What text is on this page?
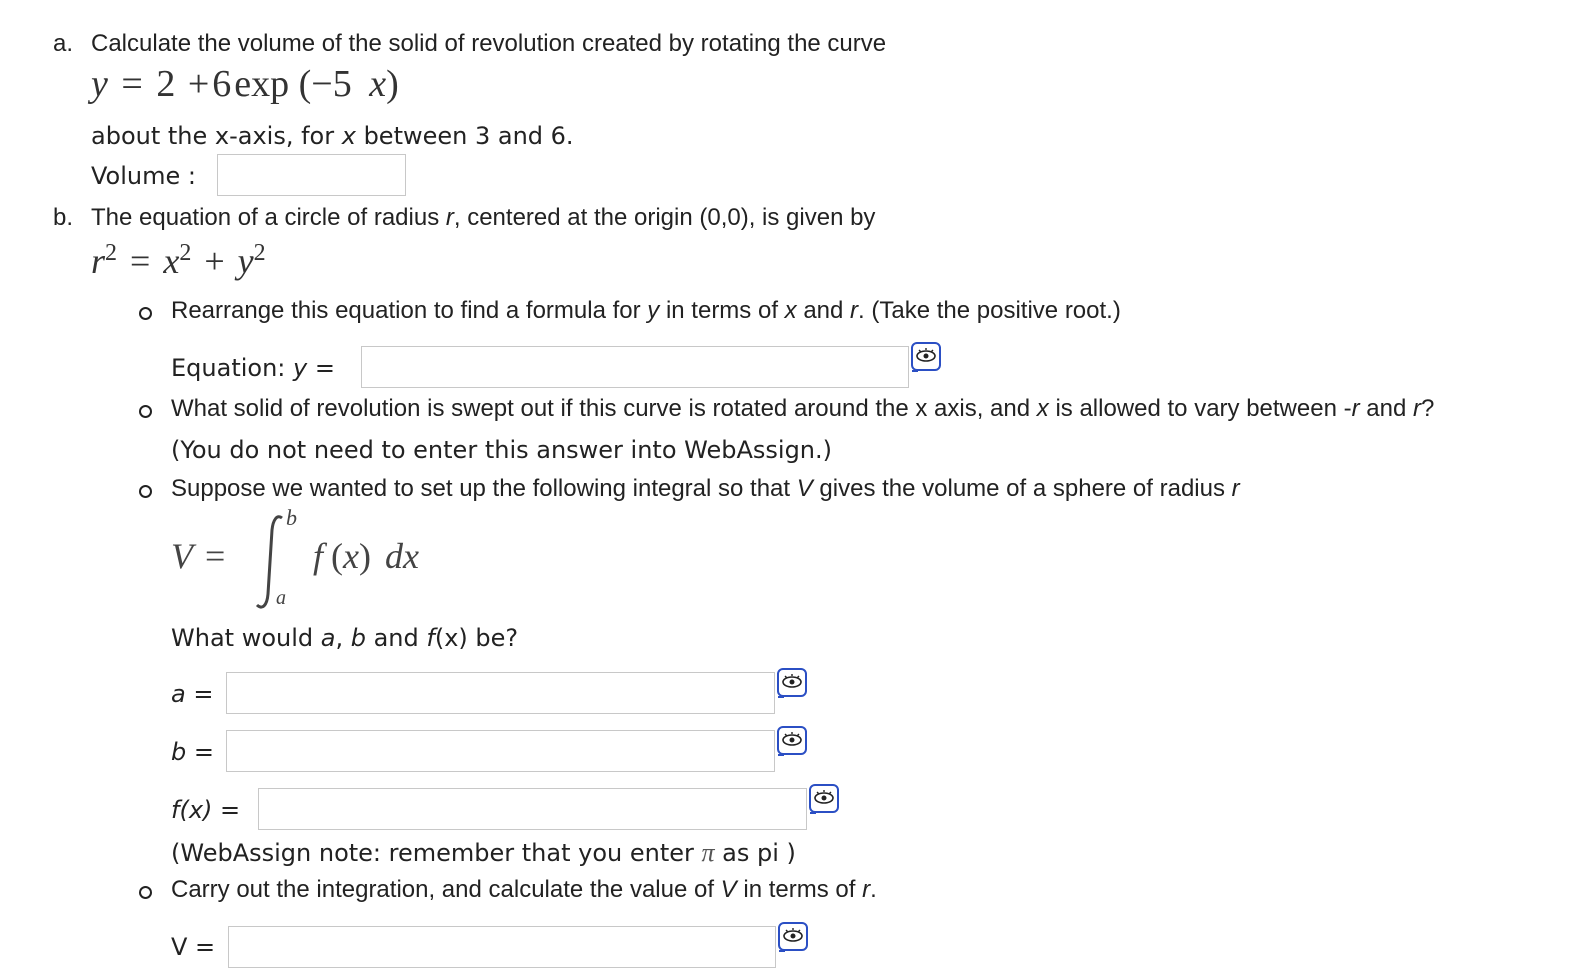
a. Calculate the volume of the solid of revolution created by rotating the curve
y = 2 +6exp (−5 x)
about the x-axis, for x between 3 and 6.
Volume :
b. The equation of a circle of radius r, centered at the origin (0,0), is given by
$r^2 = x^2 + y^2$
Rearrange this equation to find a formula for y in terms of x and r. (Take the positive root.)
Equation: y =
What solid of revolution is swept out if this curve is rotated around the x axis, and x is allowed to vary between -r and r?
(You do not need to enter this answer into WebAssign.)
Suppose we wanted to set up the following integral so that V gives the volume of a sphere of radius r
V =
b
a
f (x) dx
What would a, b and f(x) be?
a =
b =
f(x) =
(WebAssign note: remember that you enter π as pi )
Carry out the integration, and calculate the value of V in terms of r.
V =
